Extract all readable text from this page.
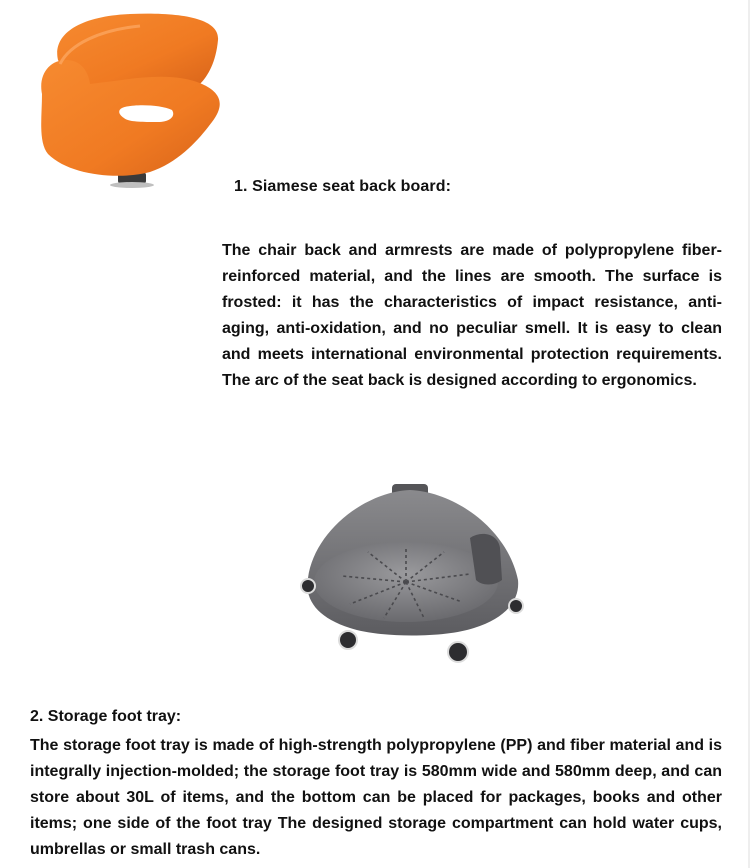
1. Siamese seat back board:
The chair back and armrests are made of polypropylene fiber-reinforced material, and the lines are smooth. The surface is frosted: it has the characteristics of impact resistance, anti-aging, anti-oxidation, and no peculiar smell. It is easy to clean and meets international environmental protection requirements. The arc of the seat back is designed according to ergonomics.
2. Storage foot tray:
The storage foot tray is made of high-strength polypropylene (PP) and fiber material and is integrally injection-molded; the storage foot tray is 580mm wide and 580mm deep, and can store about 30L of items, and the bottom can be placed for packages, books and other items; one side of the foot tray The designed storage compartment can hold water cups, umbrellas or small trash cans.
